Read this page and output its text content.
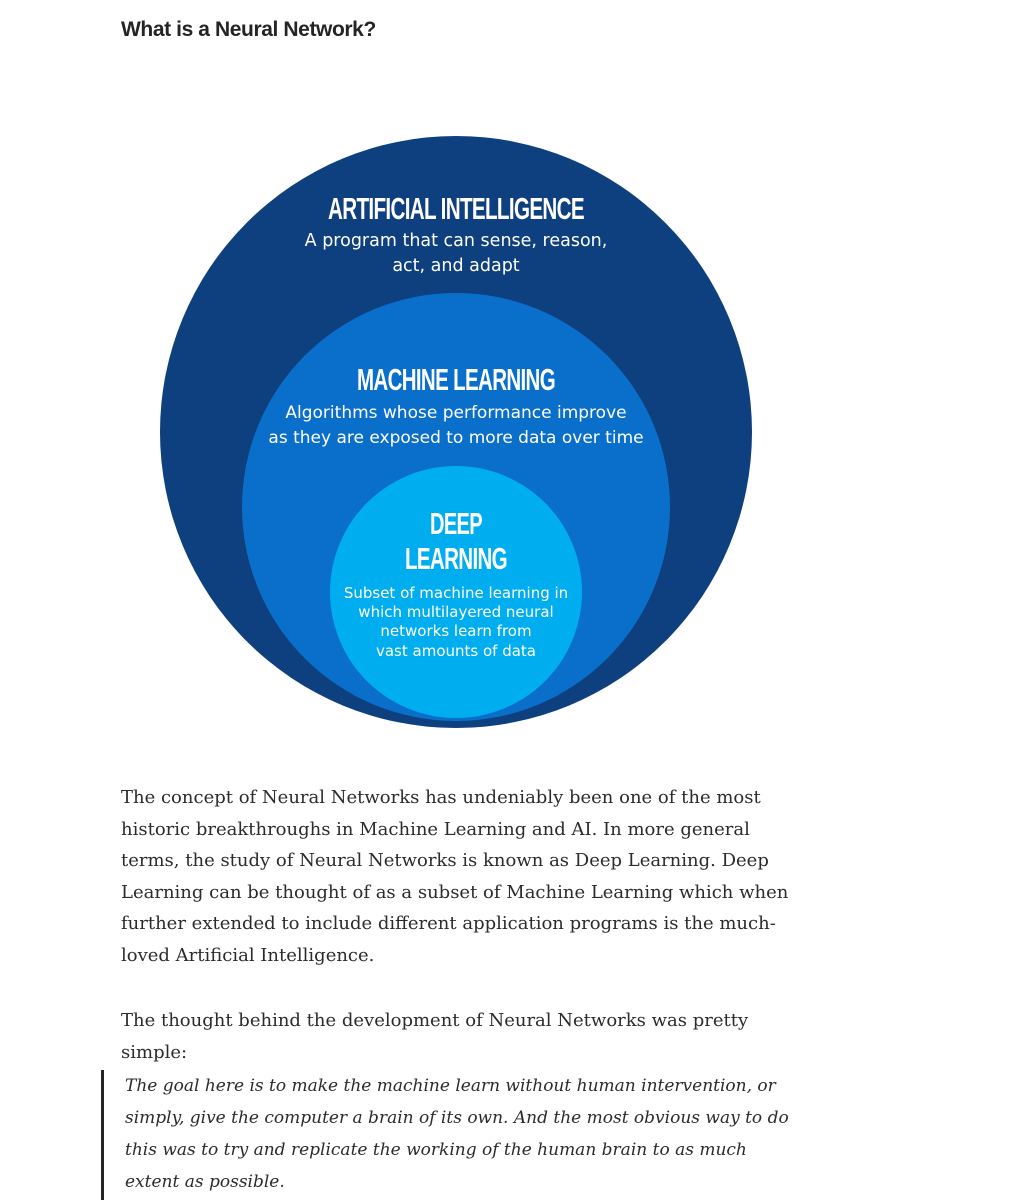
What is a Neural Network?
ARTIFICIAL INTELLIGENCE
A program that can sense, reason,
act, and adapt
MACHINE LEARNING
Algorithms whose performance improve
as they are exposed to more data over time
DEEP
LEARNING
Subset of machine learning in
which multilayered neural
networks learn from
vast amounts of data

The concept of Neural Networks has undeniably been one of the most historic breakthroughs in Machine Learning and AI. In more general terms, the study of Neural Networks is known as Deep Learning. Deep Learning can be thought of as a subset of Machine Learning which when further extended to include different application programs is the much-loved Artificial Intelligence.

The thought behind the development of Neural Networks was pretty simple:

The goal here is to make the machine learn without human intervention, or simply, give the computer a brain of its own. And the most obvious way to do this was to try and replicate the working of the human brain to as much extent as possible.
